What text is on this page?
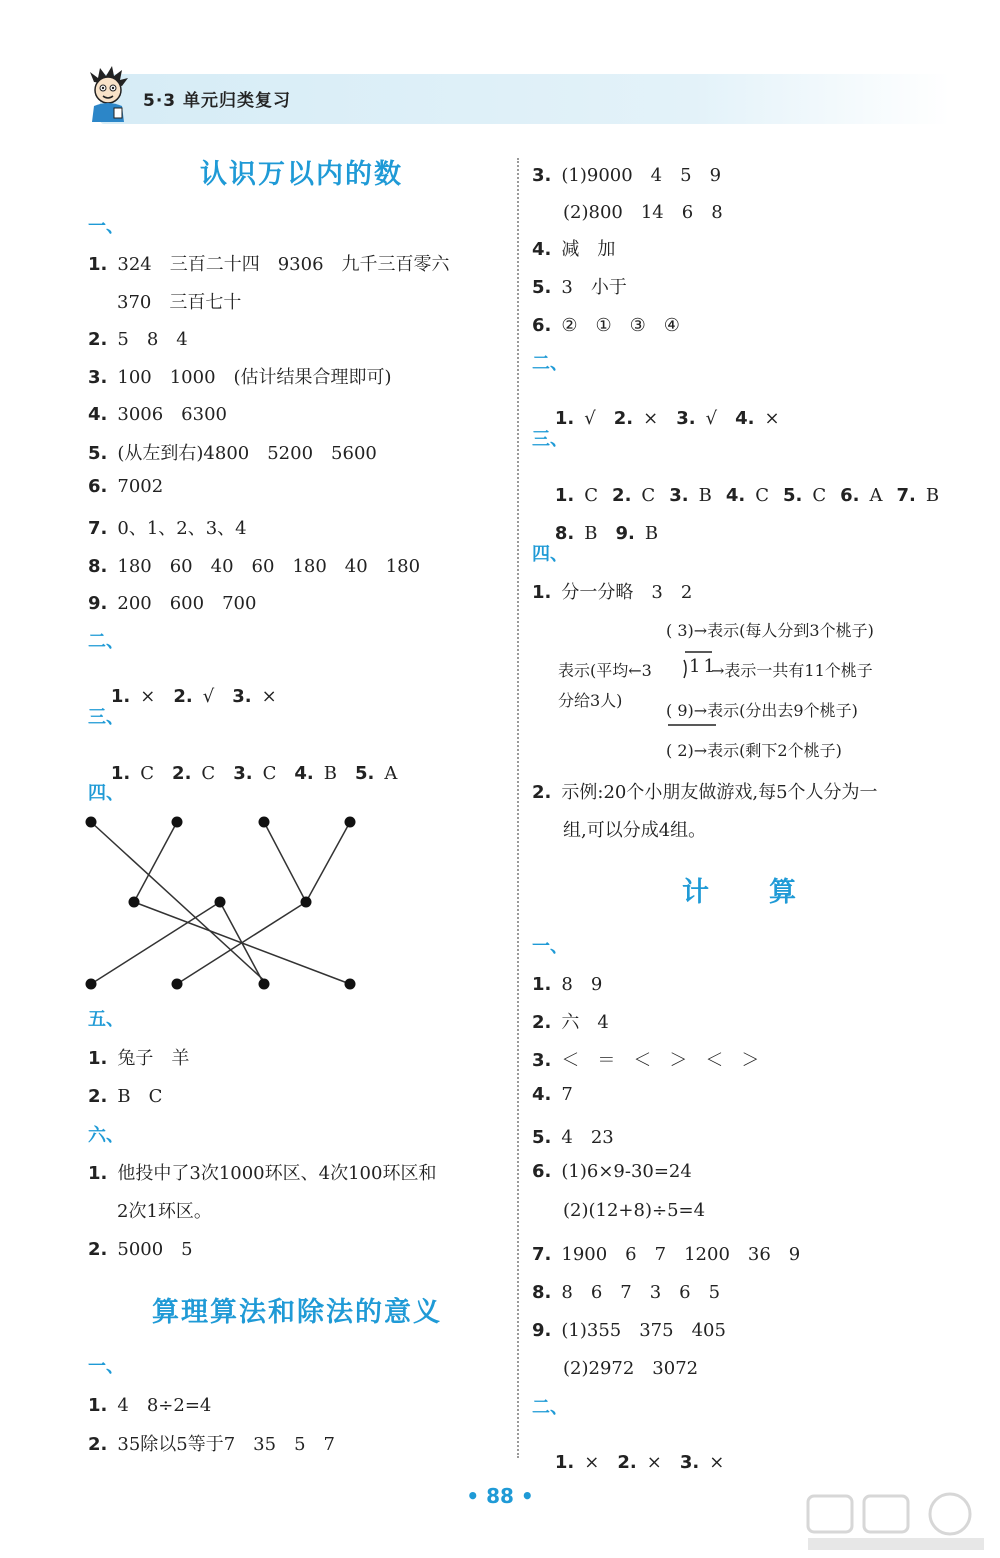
5·3 单元归类复习
认识万以内的数
一、
1. 324　三百二十四　9306　九千三百零六
370　三百七十
2. 5　8　4
3. 100　1000　(估计结果合理即可)
4. 3006　6300
5. (从左到右)4800　5200　5600
6. 7002
7. 0、1、2、3、4
8. 180　60　40　60　180　40　180
9. 200　600　700
二、

1. × 2. √ 3. ×

三、

1. C 2. C 3. C 4. B 5. A

四、
五、
1. 兔子　羊
2. B　C
六、
1. 他投中了3次1000环区、4次100环区和
2次1环区。
2. 5000　5
算理算法和除法的意义
一、
1. 4　8÷2=4
2. 35除以5等于7　35　5　7
3. (1)9000　4　5　9
(2)800　14　6　8
4. 减　加
5. 3　小于
6. ②　①　③　④
二、

1. √ 2. × 3. √ 4. ×

三、

1. C 2. C 3. B 4. C 5. C 6. A 7. B

8. B 9. B

四、
1. 分一分略　3　2
( 3)→表示(每人分到3个桃子)
表示(平均←3 11
→表示一共有11个桃子
分给3人)
( 9)→表示(分出去9个桃子)
( 2)→表示(剩下2个桃子)
2. 示例:20个小朋友做游戏,每5个人分为一
组,可以分成4组。
计　　算
一、
1. 8　9
2. 六　4
3. ＜　＝　＜　＞　＜　＞
4. 7
5. 4　23
6. (1)6×9-30=24
(2)(12+8)÷5=4
7. 1900　6　7　1200　36　9
8. 8　6　7　3　6　5
9. (1)355　375　405
(2)2972　3072
二、

1. × 2. × 3. ×

• 88 •
